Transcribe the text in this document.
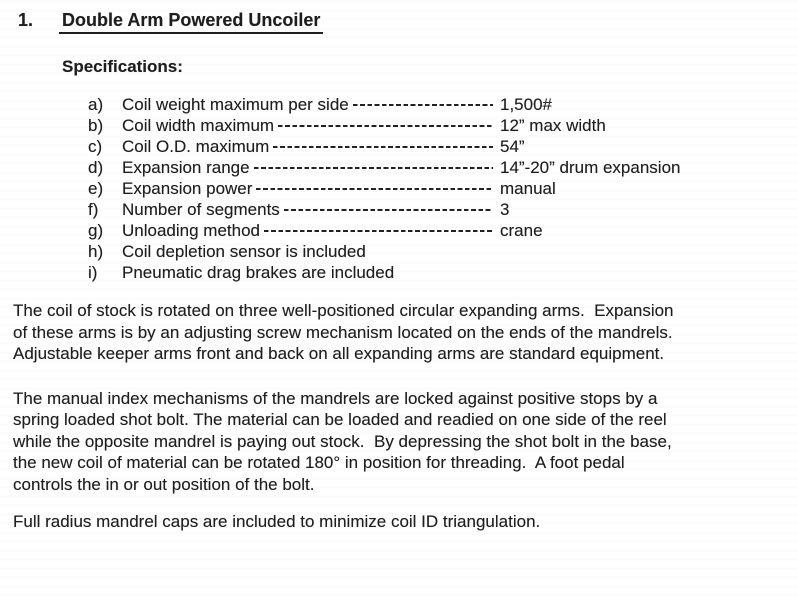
1.	Double Arm Powered Uncoiler
Specifications:
a)	Coil weight maximum per side	1,500#
b)	Coil width maximum	12” max width
c)	Coil O.D. maximum	54”
d)	Expansion range	14”-20” drum expansion
e)	Expansion power	manual
f)	Number of segments	3
g)	Unloading method	crane
h)	Coil depletion sensor is included
i)	Pneumatic drag brakes are included
The coil of stock is rotated on three well-positioned circular expanding arms.  Expansion
of these arms is by an adjusting screw mechanism located on the ends of the mandrels.
Adjustable keeper arms front and back on all expanding arms are standard equipment.
The manual index mechanisms of the mandrels are locked against positive stops by a
spring loaded shot bolt. The material can be loaded and readied on one side of the reel
while the opposite mandrel is paying out stock.  By depressing the shot bolt in the base,
the new coil of material can be rotated 180° in position for threading.  A foot pedal
controls the in or out position of the bolt.
Full radius mandrel caps are included to minimize coil ID triangulation.
